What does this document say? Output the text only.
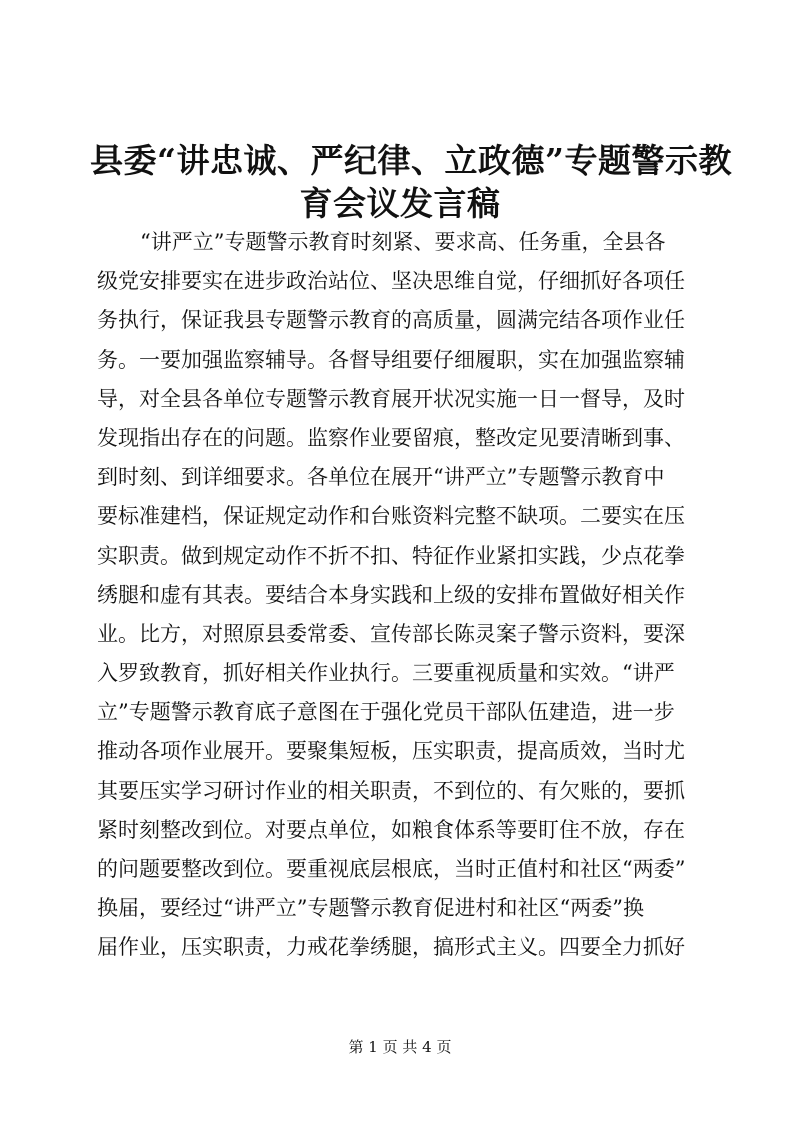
县委“讲忠诚、严纪律、立政德”专题警示教
育会议发言稿
“讲严立”专题警示教育时刻紧、要求高、任务重，全县各
级党安排要实在进步政治站位、坚决思维自觉，仔细抓好各项任
务执行，保证我县专题警示教育的高质量，圆满完结各项作业任
务。一要加强监察辅导。各督导组要仔细履职，实在加强监察辅
导，对全县各单位专题警示教育展开状况实施一日一督导，及时
发现指出存在的问题。监察作业要留痕，整改定见要清晰到事、
到时刻、到详细要求。各单位在展开“讲严立”专题警示教育中
要标准建档，保证规定动作和台账资料完整不缺项。二要实在压
实职责。做到规定动作不折不扣、特征作业紧扣实践，少点花拳
绣腿和虚有其表。要结合本身实践和上级的安排布置做好相关作
业。比方，对照原县委常委、宣传部长陈灵案子警示资料，要深
入罗致教育，抓好相关作业执行。三要重视质量和实效。“讲严
立”专题警示教育底子意图在于强化党员干部队伍建造，进一步
推动各项作业展开。要聚集短板，压实职责，提高质效，当时尤
其要压实学习研讨作业的相关职责，不到位的、有欠账的，要抓
紧时刻整改到位。对要点单位，如粮食体系等要盯住不放，存在
的问题要整改到位。要重视底层根底，当时正值村和社区“两委”
换届，要经过“讲严立”专题警示教育促进村和社区“两委”换
届作业，压实职责，力戒花拳绣腿，搞形式主义。四要全力抓好
第 1 页 共 4 页
